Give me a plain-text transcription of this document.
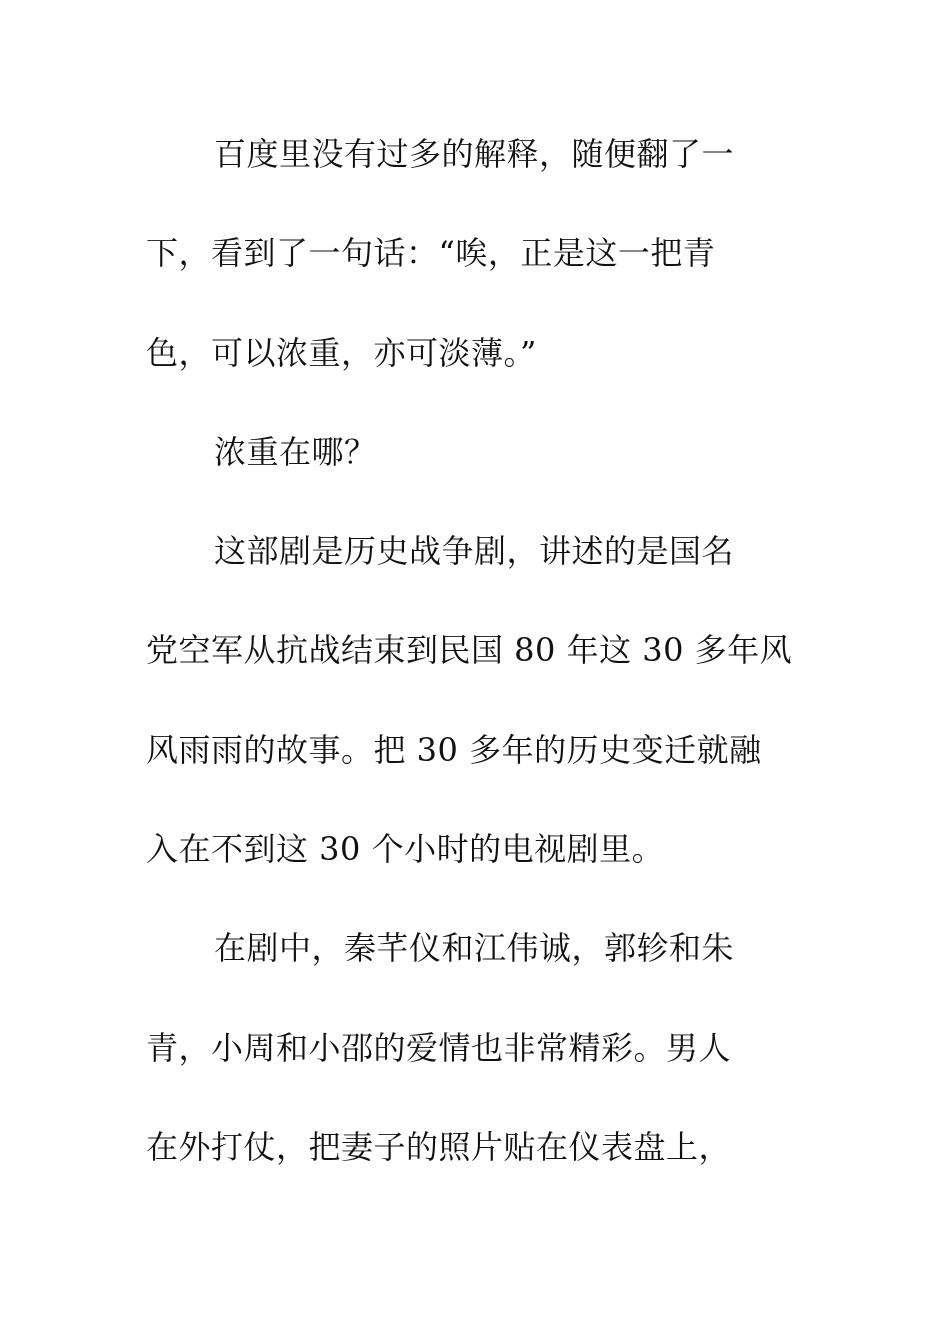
百度里没有过多的解释，随便翻了一
下，看到了一句话：“唉，正是这一把青
色，可以浓重，亦可淡薄。”
浓重在哪？
这部剧是历史战争剧，讲述的是国名
党空军从抗战结束到民国 80 年这 30 多年风
风雨雨的故事。把 30 多年的历史变迁就融
入在不到这 30 个小时的电视剧里。
在剧中，秦芊仪和江伟诚，郭轸和朱
青，小周和小邵的爱情也非常精彩。男人
在外打仗，把妻子的照片贴在仪表盘上，
